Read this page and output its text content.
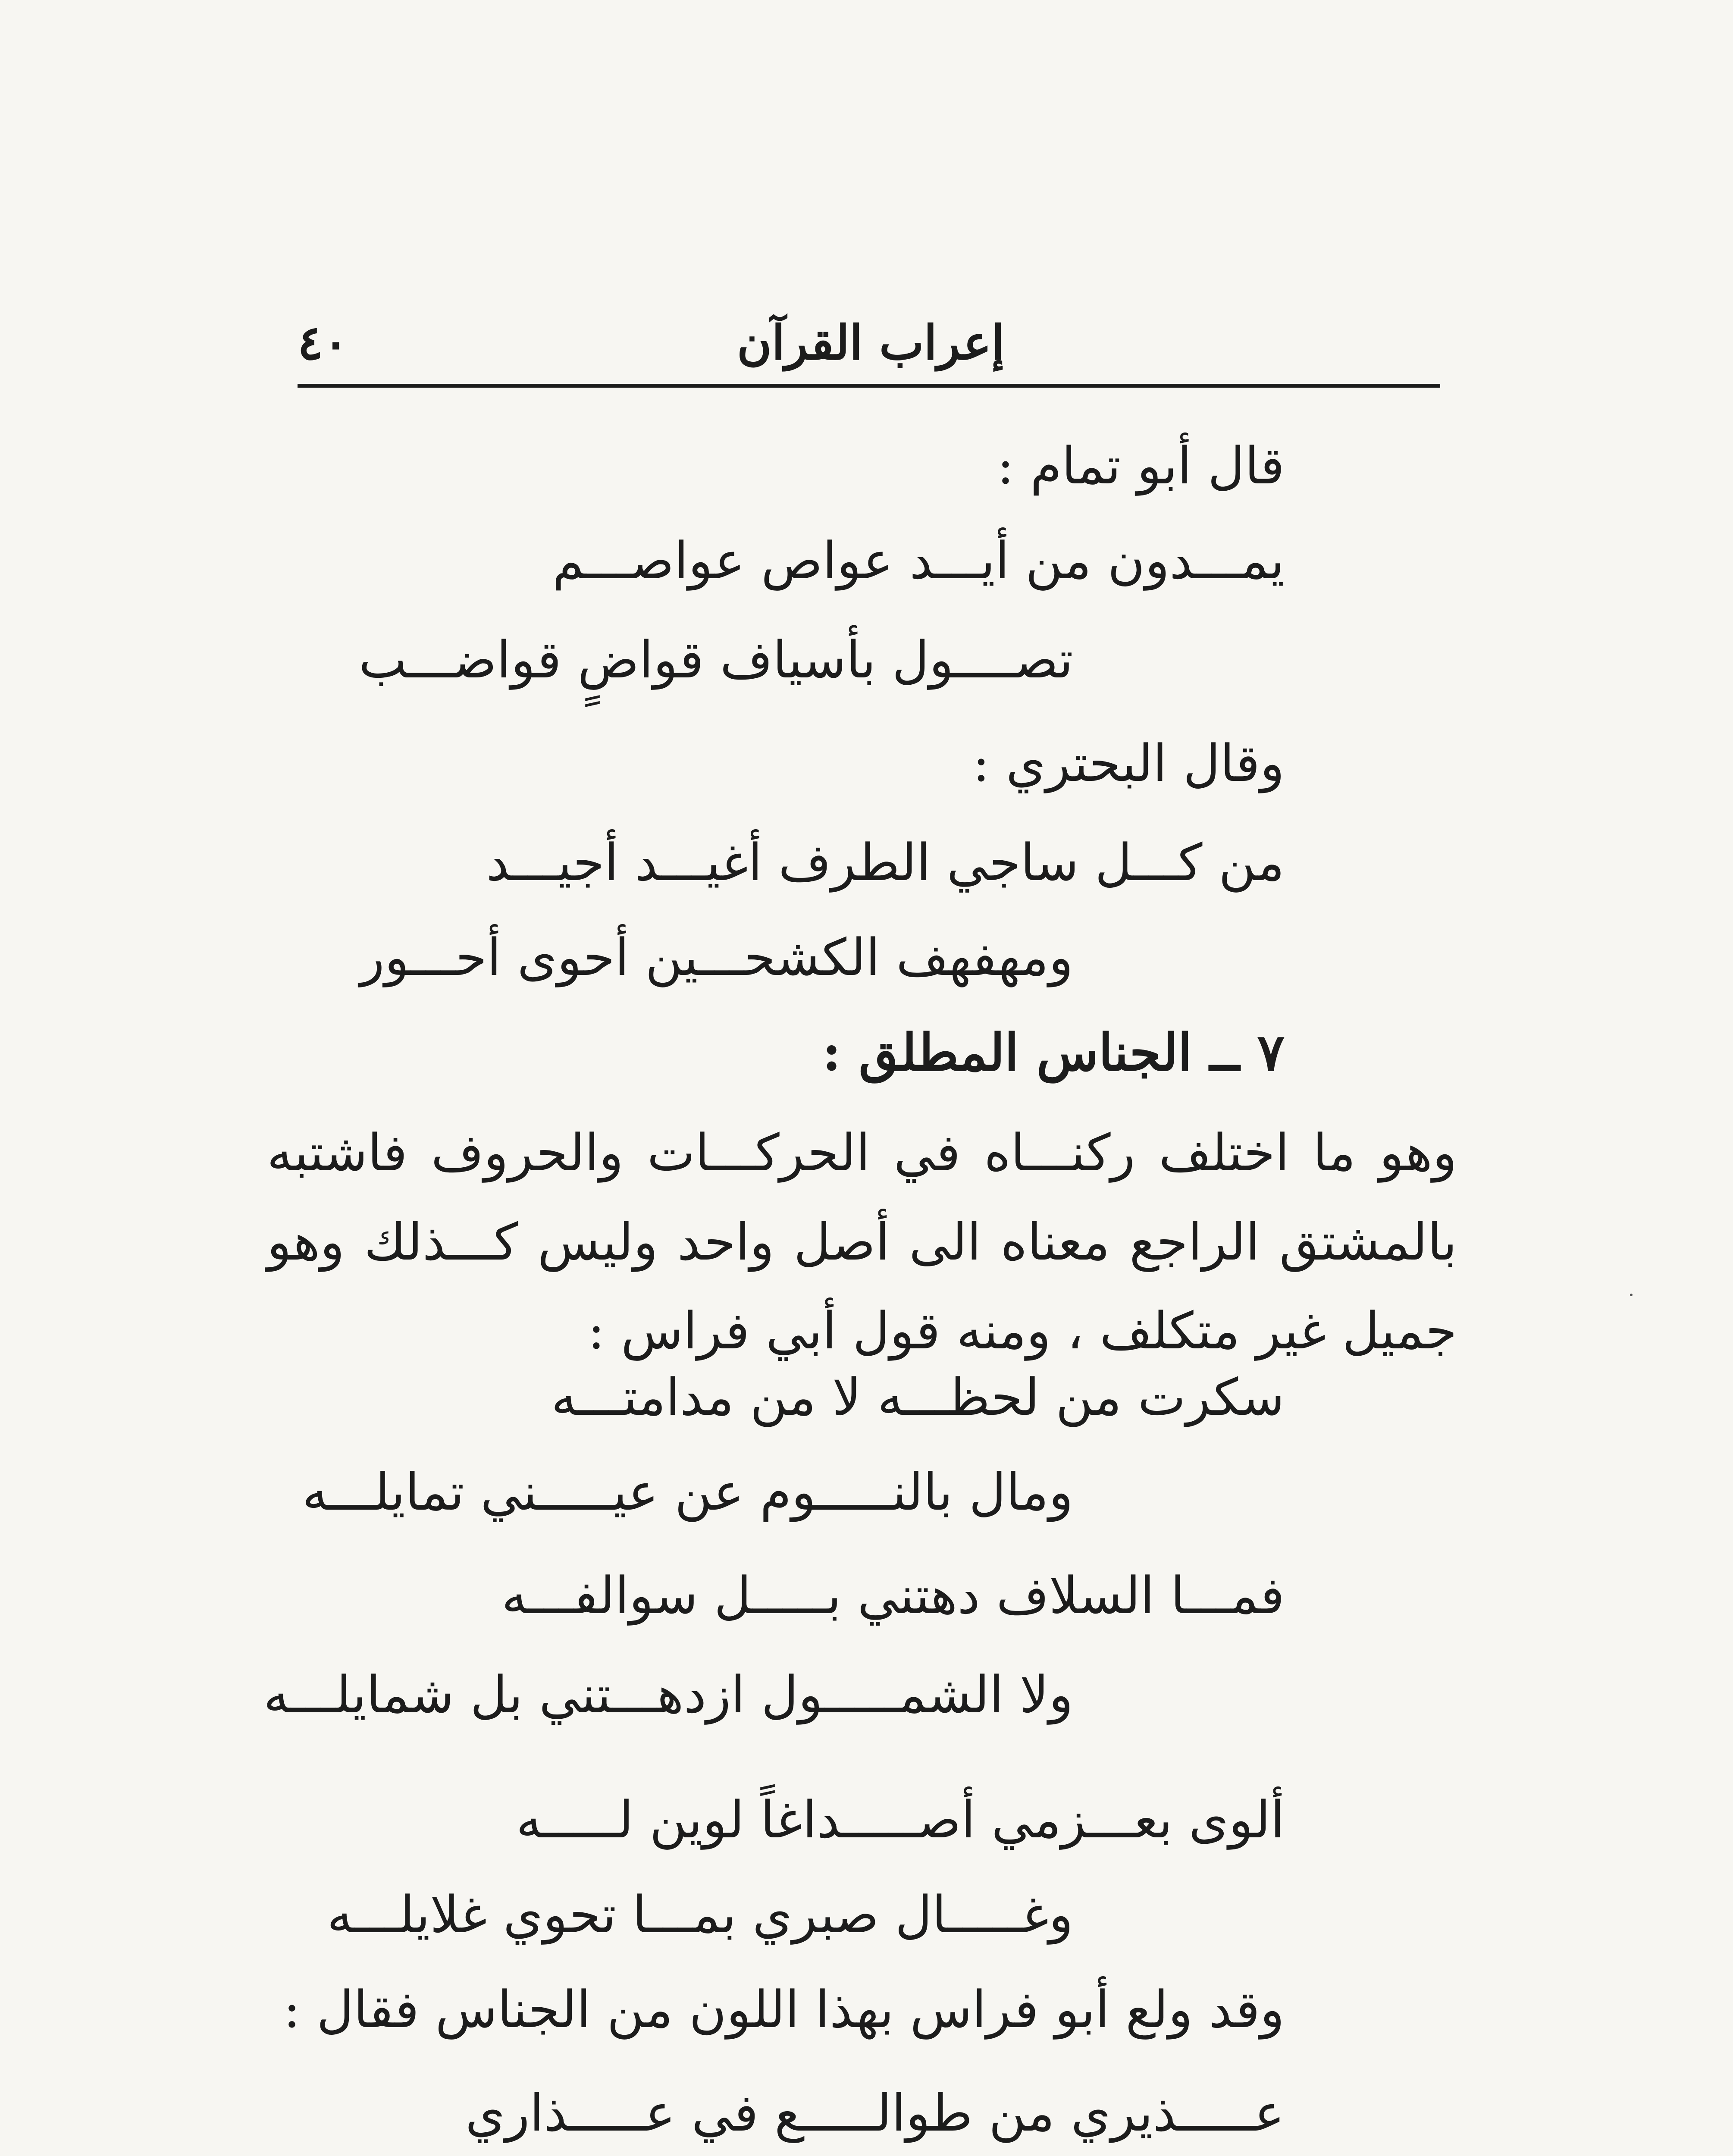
٤٠	إعراب القرآن
قال أبو تمام :
يمـــدون من أيـــد عواص عواصـــم
تصــــول بأسياف قواضٍ قواضـــب
وقال البحتري :
من كـــل ساجي الطرف أغيـــد أجيـــد
ومهفهف الكشحـــين أحوى أحـــور
٧ ــ الجناس المطلق :
وهو ما اختلف ركنـــاه في الحركـــات والحروف فاشتبه بالمشتق الراجع معناه الى أصل واحد وليس كـــذلك وهو جميل غير متكلف ، ومنه قول أبي فراس :
سكرت من لحظـــه لا من مدامتـــه
ومال بالنـــــوم عن عيـــــني تمايلـــه
فمـــا السلاف دهتني بـــــل سوالفـــه
ولا الشمـــــول ازدهـــتني بل شمايلـــه
ألوى بعـــزمي أصـــــداغاً لوين لـــــه
وغـــــال صبري بمـــا تحوي غلايلـــه
وقد ولع أبو فراس بهذا اللون من الجناس فقال :
عـــــذيري من طوالـــــع في عـــــذاري
